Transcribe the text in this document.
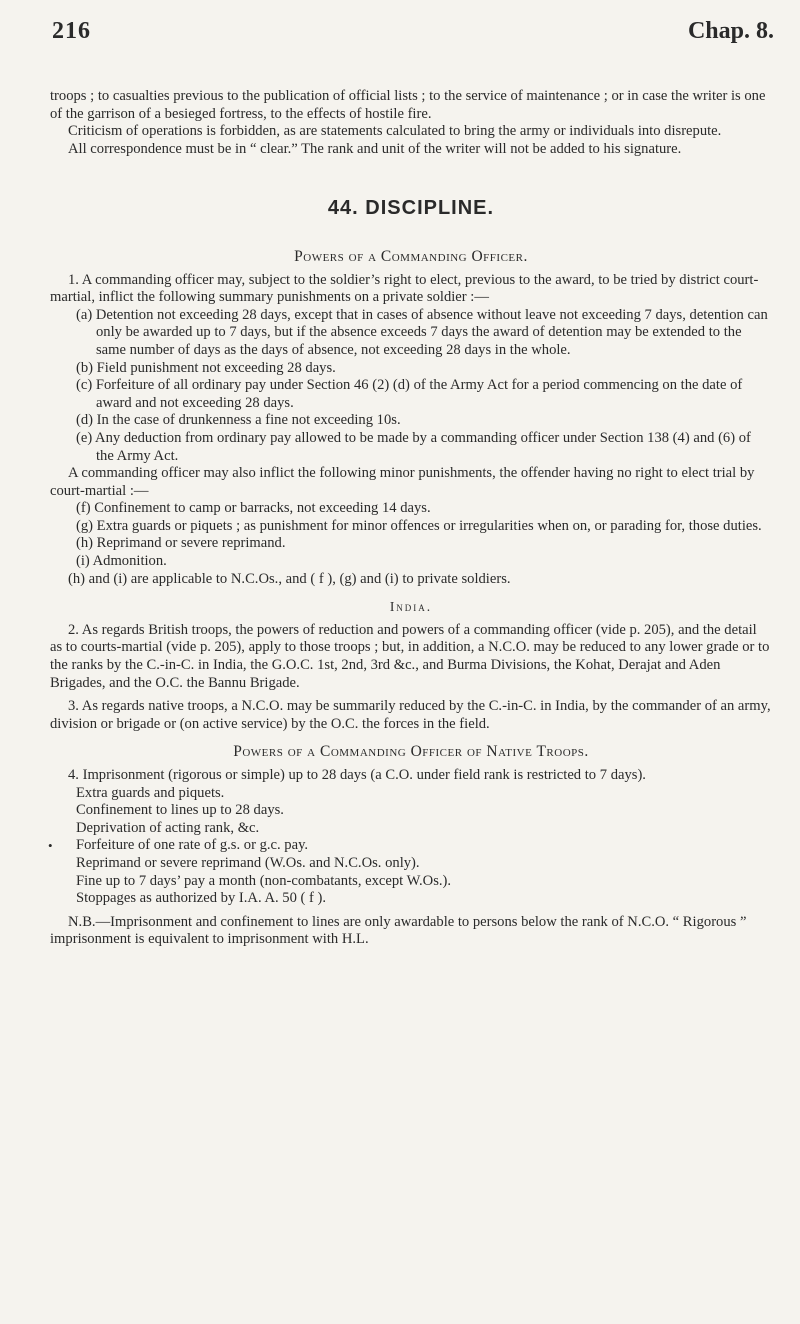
216	Chap. 8.

troops ; to casualties previous to the publication of official lists ; to the service of maintenance ; or in case the writer is one of the garrison of a besieged fortress, to the effects of hostile fire.

Criticism of operations is forbidden, as are statements calculated to bring the army or individuals into disrepute.

All correspondence must be in “ clear.” The rank and unit of the writer will not be added to his signature.

44. DISCIPLINE.
Powers of a Commanding Officer.

1. A commanding officer may, subject to the soldier’s right to elect, previous to the award, to be tried by district court-martial, inflict the following summary punishments on a private soldier :—

(a) Detention not exceeding 28 days, except that in cases of absence without leave not exceeding 7 days, detention can only be awarded up to 7 days, but if the absence exceeds 7 days the award of detention may be extended to the same number of days as the days of absence, not exceeding 28 days in the whole.

(b) Field punishment not exceeding 28 days.

(c) Forfeiture of all ordinary pay under Section 46 (2) (d) of the Army Act for a period commencing on the date of award and not exceeding 28 days.

(d) In the case of drunkenness a fine not exceeding 10s.

(e) Any deduction from ordinary pay allowed to be made by a commanding officer under Section 138 (4) and (6) of the Army Act.

A commanding officer may also inflict the following minor punishments, the offender having no right to elect trial by court-martial :—

(f) Confinement to camp or barracks, not exceeding 14 days.

(g) Extra guards or piquets ; as punishment for minor offences or irregularities when on, or parading for, those duties.

(h) Reprimand or severe reprimand.

(i) Admonition.

(h) and (i) are applicable to N.C.Os., and ( f ), (g) and (i) to private soldiers.

India.

2. As regards British troops, the powers of reduction and powers of a commanding officer (vide p. 205), and the detail as to courts-martial (vide p. 205), apply to those troops ; but, in addition, a N.C.O. may be reduced to any lower grade or to the ranks by the C.-in-C. in India, the G.O.C. 1st, 2nd, 3rd &c., and Burma Divisions, the Kohat, Derajat and Aden Brigades, and the O.C. the Bannu Brigade.

3. As regards native troops, a N.C.O. may be summarily reduced by the C.-in-C. in India, by the commander of an army, division or brigade or (on active service) by the O.C. the forces in the field.

Powers of a Commanding Officer of Native Troops.

4. Imprisonment (rigorous or simple) up to 28 days (a C.O. under field rank is restricted to 7 days).

Extra guards and piquets.

Confinement to lines up to 28 days.

Deprivation of acting rank, &c.

• Forfeiture of one rate of g.s. or g.c. pay.

Reprimand or severe reprimand (W.Os. and N.C.Os. only).

Fine up to 7 days’ pay a month (non-combatants, except W.Os.).

Stoppages as authorized by I.A. A. 50 ( f ).

N.B.—Imprisonment and confinement to lines are only awardable to persons below the rank of N.C.O. “ Rigorous ” imprisonment is equivalent to imprisonment with H.L.
